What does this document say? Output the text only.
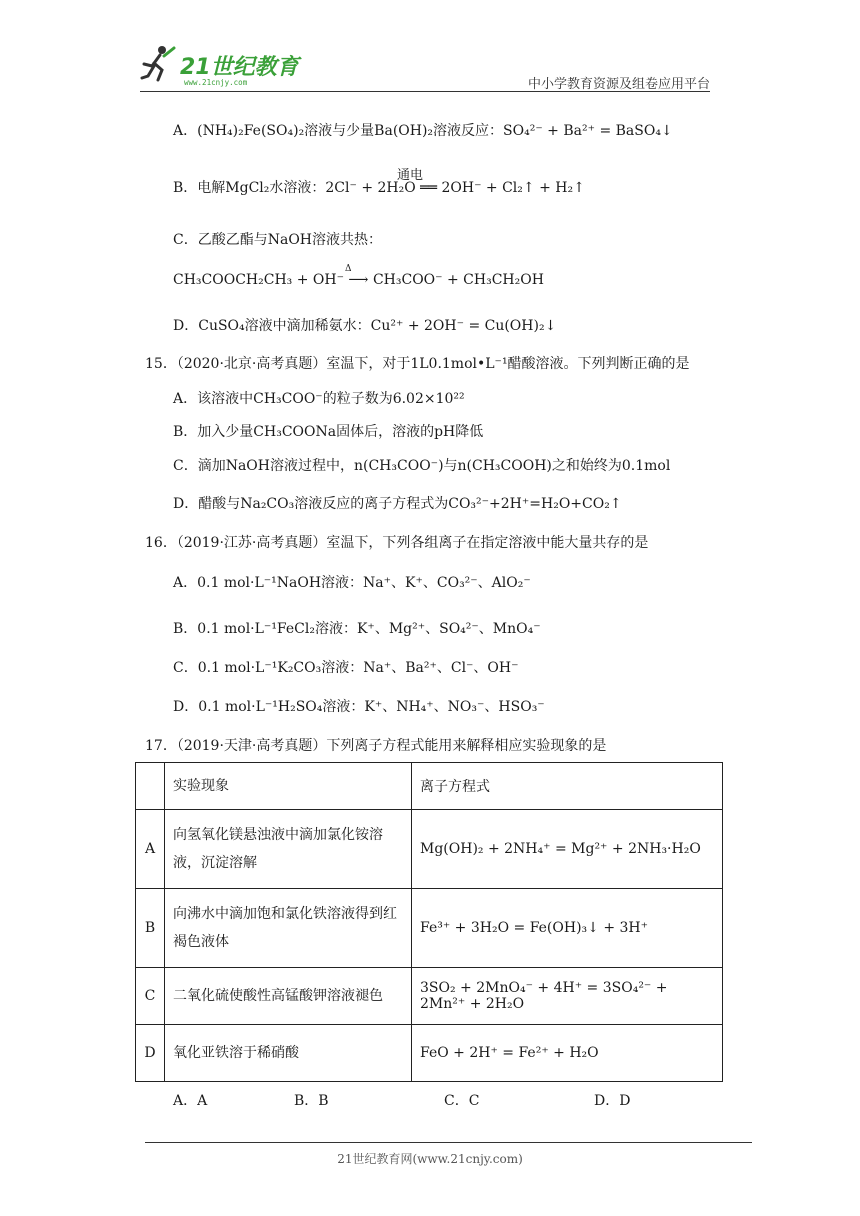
21世纪教育
www.21cnjy.com	中小学教育资源及组卷应用平台
A．(NH₄)₂Fe(SO₄)₂溶液与少量Ba(OH)₂溶液反应：SO₄²⁻ + Ba²⁺ = BaSO₄↓
通电
B．电解MgCl₂水溶液：2Cl⁻ + 2H₂O ══ 2OH⁻ + Cl₂↑ + H₂↑
C．乙酸乙酯与NaOH溶液共热：
Δ
CH₃COOCH₂CH₃ + OH⁻ ⟶ CH₃COO⁻ + CH₃CH₂OH
D．CuSO₄溶液中滴加稀氨水：Cu²⁺ + 2OH⁻ = Cu(OH)₂↓
15．（2020·北京·高考真题）室温下，对于1L0.1mol•L⁻¹醋酸溶液。下列判断正确的是
A．该溶液中CH₃COO⁻的粒子数为6.02×10²²
B．加入少量CH₃COONa固体后，溶液的pH降低
C．滴加NaOH溶液过程中，n(CH₃COO⁻)与n(CH₃COOH)之和始终为0.1mol
D．醋酸与Na₂CO₃溶液反应的离子方程式为CO₃²⁻+2H⁺=H₂O+CO₂↑
16．（2019·江苏·高考真题）室温下，下列各组离子在指定溶液中能大量共存的是
A．0.1 mol·L⁻¹NaOH溶液：Na⁺、K⁺、CO₃²⁻、AlO₂⁻
B．0.1 mol·L⁻¹FeCl₂溶液：K⁺、Mg²⁺、SO₄²⁻、MnO₄⁻
C．0.1 mol·L⁻¹K₂CO₃溶液：Na⁺、Ba²⁺、Cl⁻、OH⁻
D．0.1 mol·L⁻¹H₂SO₄溶液：K⁺、NH₄⁺、NO₃⁻、HSO₃⁻
17．（2019·天津·高考真题）下列离子方程式能用来解释相应实验现象的是
	实验现象	离子方程式
A	向氢氧化镁悬浊液中滴加氯化铵溶液，沉淀溶解	Mg(OH)₂ + 2NH₄⁺ = Mg²⁺ + 2NH₃·H₂O
B	向沸水中滴加饱和氯化铁溶液得到红褐色液体	Fe³⁺ + 3H₂O = Fe(OH)₃↓ + 3H⁺
C	二氧化硫使酸性高锰酸钾溶液褪色	3SO₂ + 2MnO₄⁻ + 4H⁺ = 3SO₄²⁻ + 2Mn²⁺ + 2H₂O
D	氧化亚铁溶于稀硝酸	FeO + 2H⁺ = Fe²⁺ + H₂O
A．A	B．B	C．C	D．D
21世纪教育网(www.21cnjy.com)
